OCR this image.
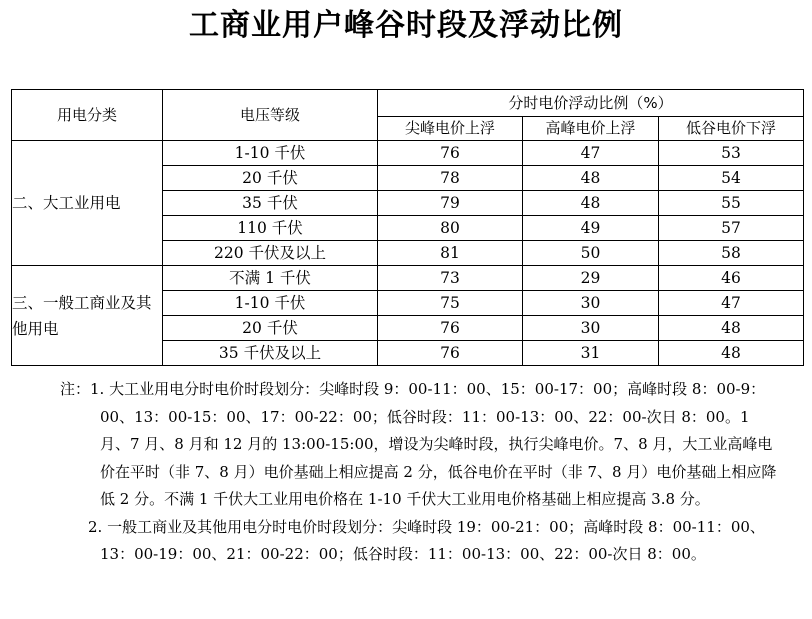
工商业用户峰谷时段及浮动比例
用电分类	电压等级	分时电价浮动比例（%）		
		尖峰电价上浮	高峰电价上浮	低谷电价下浮
二、大工业用电	1-10 千伏	76	47	53
	20 千伏	78	48	54
	35 千伏	79	48	55
	110 千伏	80	49	57
	220 千伏及以上	81	50	58
三、一般工商业及其他用电	不满 1 千伏	73	29	46
	1-10 千伏	75	30	47
	20 千伏	76	30	48
	35 千伏及以上	76	31	48
注：1. 大工业用电分时电价时段划分：尖峰时段 9：00-11：00、15：00-17：00；高峰时段 8：00-9：00、13：00-15：00、17：00-22：00；低谷时段：11：00-13：00、22：00-次日 8：00。1 月、7 月、8 月和 12 月的 13:00-15:00，增设为尖峰时段，执行尖峰电价。7、8 月，大工业高峰电价在平时（非 7、8 月）电价基础上相应提高 2 分，低谷电价在平时（非 7、8 月）电价基础上相应降低 2 分。不满 1 千伏大工业用电价格在 1-10 千伏大工业用电价格基础上相应提高 3.8 分。
2. 一般工商业及其他用电分时电价时段划分：尖峰时段 19：00-21：00；高峰时段 8：00-11：00、13：00-19：00、21：00-22：00；低谷时段：11：00-13：00、22：00-次日 8：00。
